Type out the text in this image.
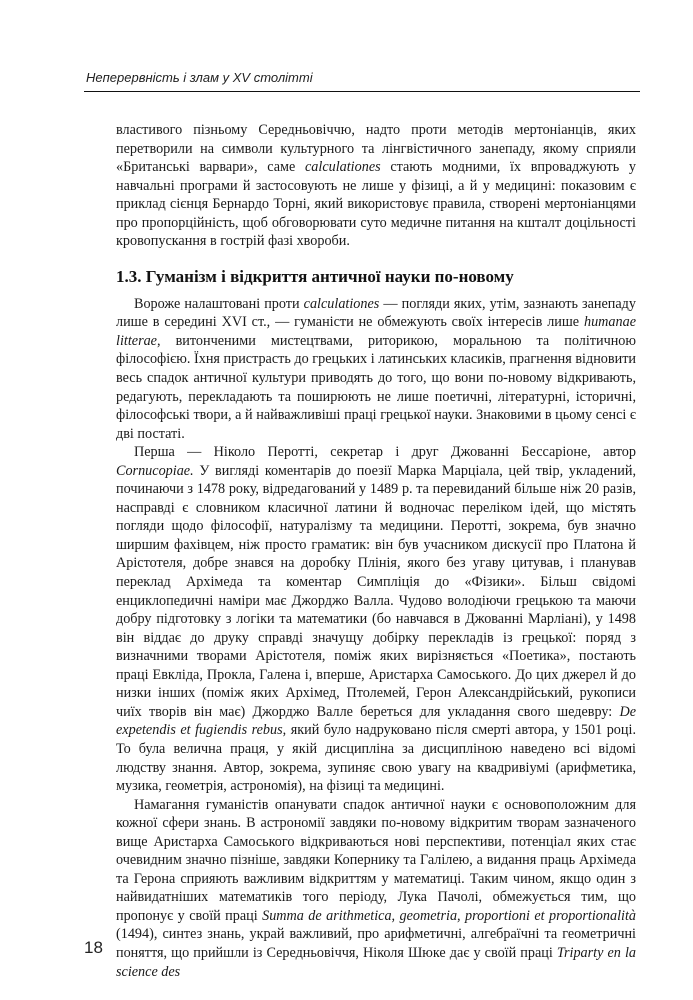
Неперервність і злам у XV столітті

властивого пізньому Середньовіччю, надто проти методів мертоніанців, яких перетворили на символи культурного та лінгвістичного занепаду, якому сприяли «Британські варвари», саме calculationes стають модними, їх впроваджують у навчальні програми й застосовують не лише у фізиці, а й у медицині: показовим є приклад сієнця Бернардо Торні, який використовує правила, створені мертоніанцями про пропорційність, щоб обговорювати суто медичне питання на кшталт доцільності кровопускання в гострій фазі хвороби.

1.3. Гуманізм і відкриття античної науки по-новому

Вороже налаштовані проти calculationes — погляди яких, утім, зазнають занепаду лише в середині XVI ст., — гуманісти не обмежують своїх інтересів лише humanae litterae, витонченими мистецтвами, риторикою, моральною та політичною філософією. Їхня пристрасть до грецьких і латинських класиків, прагнення відновити весь спадок античної культури приводять до того, що вони по-новому відкривають, редагують, перекладають та поширюють не лише поетичні, літературні, історичні, філософські твори, а й найважливіші праці грецької науки. Знаковими в цьому сенсі є дві постаті.

Перша — Ніколо Перотті, секретар і друг Джованні Бессаріоне, автор Cornucopiae. У вигляді коментарів до поезії Марка Марціала, цей твір, укладений, починаючи з 1478 року, відредагований у 1489 р. та перевиданий більше ніж 20 разів, насправді є словником класичної латини й водночас переліком ідей, що містять погляди щодо філософії, натуралізму та медицини. Перотті, зокрема, був значно ширшим фахівцем, ніж просто граматик: він був учасником дискусії про Платона й Арістотеля, добре знався на доробку Плінія, якого без угаву цитував, і планував переклад Архімеда та коментар Симпліція до «Фізики». Більш свідомі енциклопедичні наміри має Джорджо Валла. Чудово володіючи грецькою та маючи добру підготовку з логіки та математики (бо навчався в Джованні Марліані), у 1498 він віддає до друку справді значущу добірку перекладів із грецької: поряд з визначними творами Арістотеля, поміж яких вирізняється «Поетика», постають праці Евкліда, Прокла, Галена і, вперше, Аристарха Самоського. До цих джерел й до низки інших (поміж яких Архімед, Птолемей, Герон Александрійський, рукописи чиїх творів він має) Джорджо Валле береться для укладання свого шедевру: De expetendis et fugiendis rebus, який було надруковано після смерті автора, у 1501 році. То була велична праця, у якій дисципліна за дисципліною наведено всі відомі людству знання. Автор, зокрема, зупиняє свою увагу на квадривіумі (арифметика, музика, геометрія, астрономія), на фізиці та медицині.

Намагання гуманістів опанувати спадок античної науки є основоположним для кожної сфери знань. В астрономії завдяки по-новому відкритим творам зазначеного вище Аристарха Самоського відкриваються нові перспективи, потенціал яких стає очевидним значно пізніше, завдяки Копернику та Галілею, а видання праць Архімеда та Герона сприяють важливим відкриттям у математиці. Таким чином, якщо один з найвидатніших математиків того періоду, Лука Пачолі, обмежується тим, що пропонує у своїй праці Summa de arithmetica, geometria, proportioni et proportionalità (1494), синтез знань, украй важливий, про арифметичні, алгебраїчні та геометричні поняття, що прийшли із Середньовіччя, Ніколя Шюке дає у своїй праці Triparty en la science des

18
